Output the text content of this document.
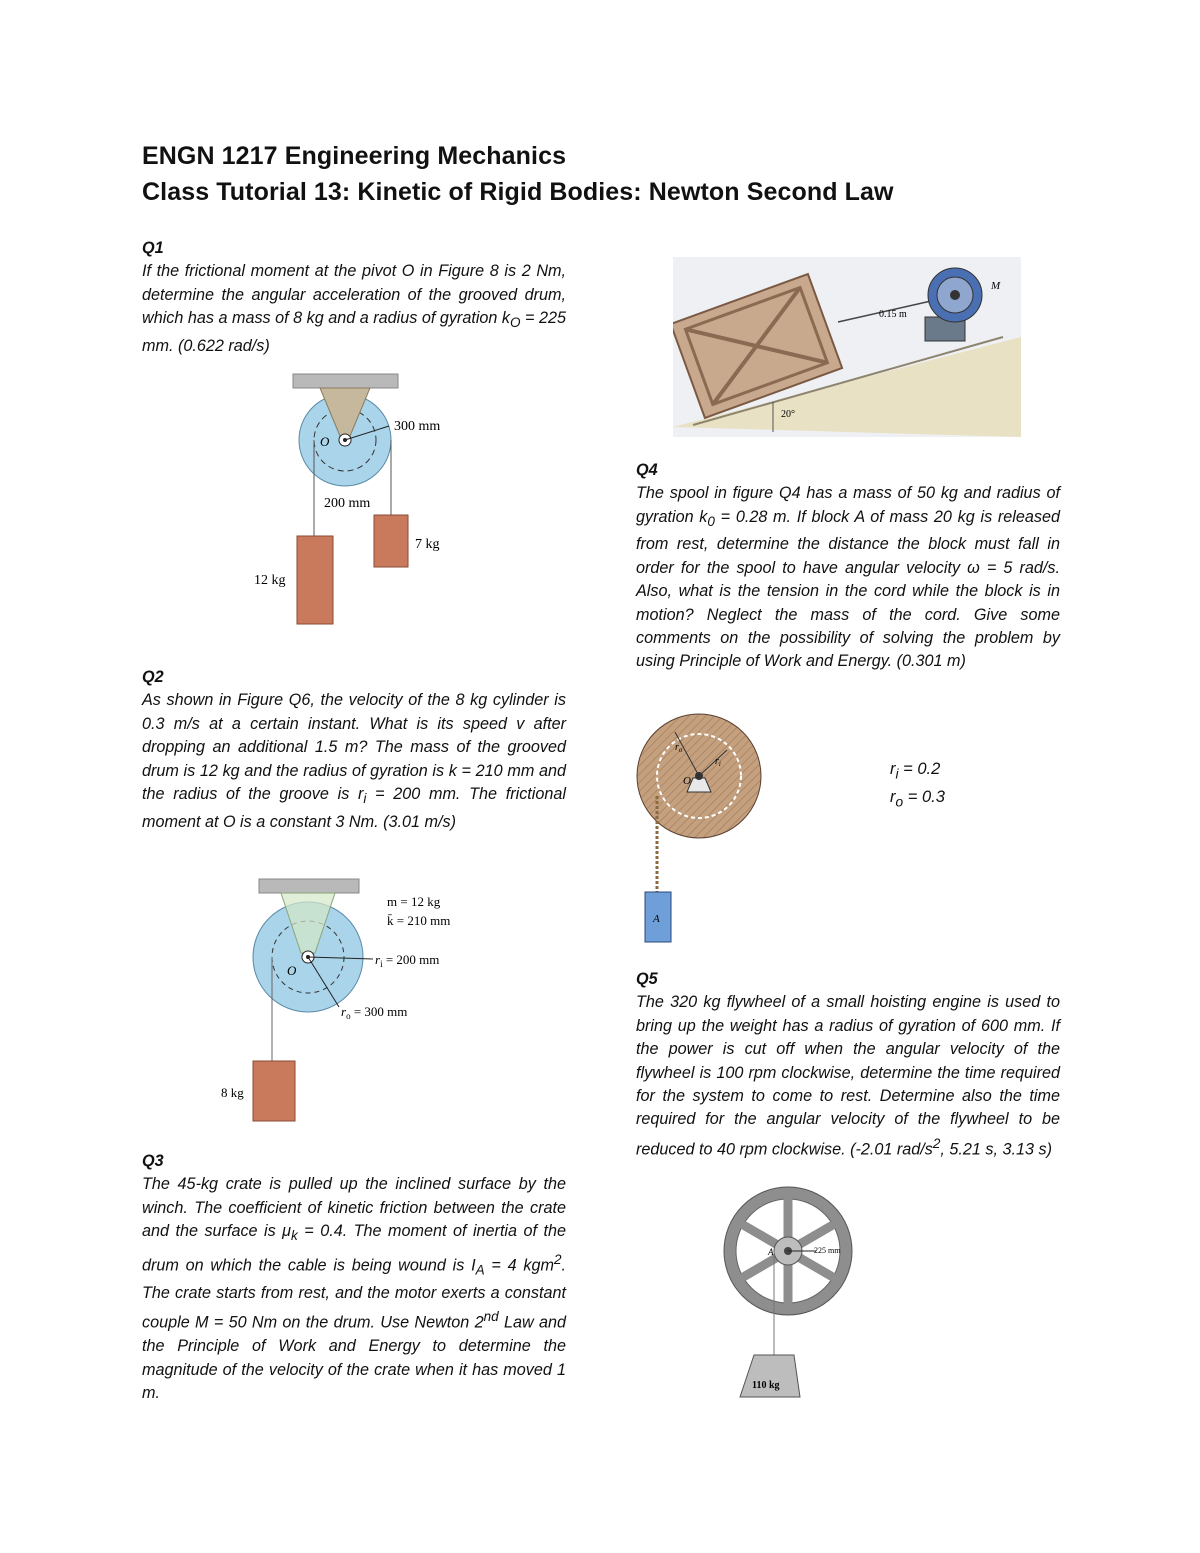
ENGN 1217 Engineering Mechanics
Class Tutorial 13: Kinetic of Rigid Bodies: Newton Second Law
Q1
If the frictional moment at the pivot O in Figure 8 is 2 Nm, determine the angular acceleration of the grooved drum, which has a mass of 8 kg and a radius of gyration $k_O = 225$ mm. (0.622 rad/s)
Q2
As shown in Figure Q6, the velocity of the 8 kg cylinder is 0.3 m/s at a certain instant. What is its speed v after dropping an additional 1.5 m? The mass of the grooved drum is 12 kg and the radius of gyration is k = 210 mm and the radius of the groove is $r_i = 200$ mm. The frictional moment at O is a constant 3 Nm. (3.01 m/s)
Q3
The 45-kg crate is pulled up the inclined surface by the winch. The coefficient of kinetic friction between the crate and the surface is $\mu_k = 0.4$. The moment of inertia of the drum on which the cable is being wound is $I_A = 4$ kgm$^2$. The crate starts from rest, and the motor exerts a constant couple M = 50 Nm on the drum. Use Newton 2nd Law and the Principle of Work and Energy to determine the magnitude of the velocity of the crate when it has moved 1 m.
Q4
The spool in figure Q4 has a mass of 50 kg and radius of gyration $k_0 = 0.28$ m. If block A of mass 20 kg is released from rest, determine the distance the block must fall in order for the spool to have angular velocity ω = 5 rad/s. Also, what is the tension in the cord while the block is in motion? Neglect the mass of the cord. Give some comments on the possibility of solving the problem by using Principle of Work and Energy. (0.301 m)
Q5
The 320 kg flywheel of a small hoisting engine is used to bring up the weight has a radius of gyration of 600 mm. If the power is cut off when the angular velocity of the flywheel is 100 rpm clockwise, determine the time required for the system to come to rest. Determine also the time required for the angular velocity of the flywheel to be reduced to 40 rpm clockwise. (-2.01 rad/$s^2$, 5.21 s, 3.13 s)
O
300 mm
200 mm
12 kg
7 kg
O
m = 12 kg
k̄ = 210 mm
$r_i = 200$ mm
$r_o = 300$ mm
8 kg
0.15 m
M
20°
O
$r_o$
$r_i$
A
$r_i = 0.2$
$r_o = 0.3$
A	225 mm
110 kg
